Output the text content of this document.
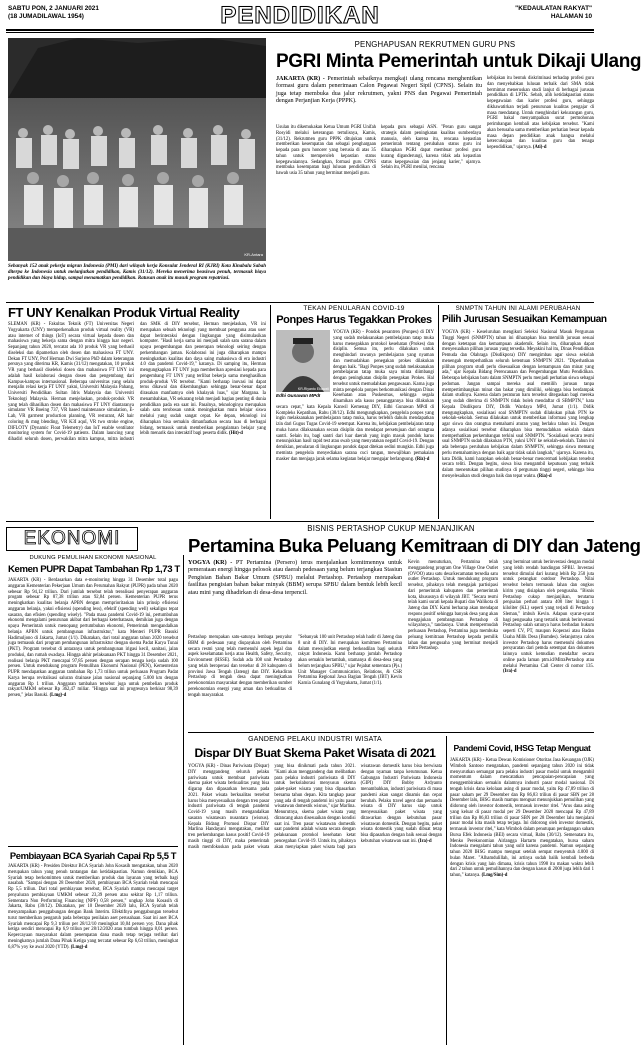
SABTU PON, 2 JANUARI 2021
(18 JUMADILAWAL 1954)	PENDIDIKAN	"KEDAULATAN RAKYAT"
HALAMAN 10
KR-Antara
Sebanyak 152 anak pekerja migran Indonesia (PMI) dari wilayah kerja Konsulat Jenderal RI (KJRI) Kota Kinabalu Sabah diterpa ke Indonesia untuk melanjutkan pendidikan, Kamis (31/12). Mereka menerima beasiswa penuh, termasuk biaya pendidikan dan biaya hidup, sampai menamatkan pendidikan. Ratusan anak itu masuk program repatriasi.
PENGHAPUSAN REKRUTMEN GURU PNS
PGRI Minta Pemerintah untuk Dikaji Ulang
JAKARTA (KR) - Pemerintah sebaiknya mengkaji ulang rencana menghentikan formasi guru dalam penerimaan Calon Pegawai Negeri Sipil (CPNS). Selain itu juga tetap membuka dua jalur rekrutmen, yakni PNS dan Pegawai Pemerintah dengan Perjanjian Kerja (PPPK).
Usulan itu dikemukakan Ketua Umum PGRI Unifah Rosyidi melalui keterangan tertulisnya, Kamis, (31/12). Rekrutmen guru PPPK ditujukan untuk memberikan kesempatan dan sebagai penghargaan kepada para guru honorer yang berusia di atas 35 tahun untuk memperoleh kepastian status kepegawaiannya. Sedangkan, formasi guru CPNS membuka kesempatan bagi lulusan pendidikan di bawah usia 35 tahun yang berminat menjadi guru.
kepada guru sebagai ASN. "Peran guru sangat strategis dalam peningkatan kualitas sumberdaya manusia, oleh karena itu, rencana kepastian pemerintah tentang perubahan status guru ini diharapkan PGRI dapat membuat profesi guru kurang diganderungi, karena tidak ada kepastian status kepegawaian dan jenjang karier," ujarnya. Selain itu, PGRI menilai, rencana
kebijakan itu bentuk diskriminasi terhadap profesi guru dan menyebabkan lulusan terbaik dari SMA tidak bermimat meneruskan studi lanjut di berbagai jurusan pendidikan di LPTK. Sebab, alih ketidakpastian status kepegawaian dan karier profesi guru, sehingga dikhawatirkan terjadi penurunan kualitas pengajar di masa mendatang. Untuk menghindari kekurangan guru, PGRI bakal menyampaikan surat permohonan perimbangan kembali atas kebijakan tersebut. "Kami akan berusaha sama memberikan perhatian besar kepada masa depan pendidikan anak bangsa melalui ketercukupan dan kualitas guru dan tenaga kependidikan," ujarnya. (Ati)-d
FT UNY Kenalkan Produk Virtual Reality
SLEMAN (KR) - Fakultas Teknik (FT) Universitas Negeri Yogyakarta (UNY) memperkenalkan produk virtual reality (VR) atau internet of things (IoT) secara virtual kepada dosen dan mahasiswa yang bekerja sama dengan mitra hingga luar negeri. Sepanjang tahun 2020, tercatat ada 10 produk VR yang berhasil diseleksi dan dipamerkan oleh dosen dan mahasiswa FT UNY. Dekan FT UNY, Prof Herman Dwi Surjono PhD dalam keterangan persnya yang diterima KR, Kamis (31/12) mengatakan, 10 produk VR yang berhasil diseleksi dosen dan mahasiswa FT UNY ini adalah hasil kolaborasi dengan dosen dan pengembang dari Kampus-kampus internasional. Beberapa universitas yang selalu menjalin relasi kerja FT UNY yakni, Universiti Malaysia Pahang, Universiti Pendidikan Sultan Idris Malaysia dan Universiti Teknologi Malaysia. Herman menjelaskan, produk-produk VR yang telah dihasilkan dosen dan mahasiswa FT UNY diantaranya simulator VR Boeing 737, VR based maintenance simulation, E-Lab, VR garment production planning, VR resturant, AR hair coloring & mng blending, VR K3I aquI, VR two stroke engine, DIFLOTY (Dynamic Float Telemetry) dan IoT enable ventilator monitoring system for Covid-19 patients. Dalam launcing yang dihadiri seluruh dosen, perwakilan mitra kampus, mitra industri dan SMK di DIY tersebut, Herman menjelaskan, VR ini merupakan sebuah teknologi yang membuat pengguna atau user dapat berinteraksi dengan lingkungan yang disimulasikan komputer. "Hasil kerja sama ini menjadi salah satu sarana dalam upaya pengembangan dan penerapan teknologi seiring dengan perkembangan jaman. Kolaborasi ini juga diharapkan mampu meningkatkan kualitas dan daya saing mahasiswa di era industri 4.0 dan pandemi Covid-19," katanya. Di samping itu, Herman mengungkapkan FT UNY juga memberikan apresiasi kepada para pengembang FT UNY yang terlibat bekerja sama menghasilkan produk-produk VR tersebut. "Kami berharap inovasi ini dapat terus dikawal dan dikembangkan sehingga benar-benar dapat dirasakan manfaatnya oleh khalayak luas," ujar Margana. Ia menambahkan, VR sekarang telah menjadi bagian penting di dunia pendidikan pada era saat ini. Pasalnya, teknologinya merupakan salah satu terobosan untuk meningkatkan mutu belajar siswa melalui yang sudah sangat cepat. Ke depan, teknologi ini diharapkan bisa semakin dimanfaatkan secara luas di berbagai bidang, termasuk untuk memberikan pengalaman belajar yang lebih menarik dan interaktif bagi peserta didik. (Hit)-d
TEKAN PENULARAN COVID-19
Ponpes Harus Tegakkan Prokes
KR-Riyanto Ekawati
Edhi Gunawan MPdI
YOGYA (KR) - Pondok pesantren (Ponpes) di DIY yang sudah melaksanakan pembelajaran tatap muka harus menegakkan protokol kesehatan (Prokes) dan disiplin. Semua itu, perlu dilakukan untuk menghindari rawanya pembelajaran yang nyaman dan memudahkan penegakan prokes dilakukan dengan baik. "Bagi Ponpes yang sudah melaksanakan pembelajaran tatap muka saya minta diimbangi dengan peningkatan disiplin penegakan Prokes. Hal tersebut untuk memudahkan pengawasan. Karna juga minta pengelola ponpes berkomunikasi dengan Dinas Kesehatan atau Puskesmas, sehingga segala dinamikan ada kasus penanggannya bisa dilakukan secara cepat," kata Kepala Kanwil Kemenag DIY, Edhi Gunawan MPdI di Kompleks Kepatihan, Rabu (30/12). Edhi mengungkapkan, pengelola ponpes yang ingin melaksanakan pembelajaran tatap muka, harus terlebih dahulu mendapatkan izin dari Gugus Tugas Covid-19 setempat. Karena itu, kebijakan pembelajaran tatap muka harus dilaksanakan secara disiplin dan mendapat persetujuan dari orangtua santri. Selain itu, bagi santri dari luar daerah yang ingin masuk pondok harus menunjukkan hasil rapid test atau swab yang menyatakan negatif Covid-19. Dengan demikian, penularan di lingkungan pondok dapat ditekan sedini mungkin. Edhi juga meminta pengelola menyediakan sarana cuci tangan, mewajibkan pemakaian masker dan menjaga jarak selama kegiatan belajar mengajar berlangsung. (Riz)-d
SNMPTN TAHUN INI ALAMI PERUBAHAN
Pilih Jurusan Sesuaikan Kemampuan
YOGYA (KR) - Keseluruhan mengikuti Seleksi Nasional Masuk Perguruan Tinggi Negeri (SNMPTN) tahun ini diharapkan bisa memilih jurusan sesuai dengan ketetapan dan kemampuan akademik. Selain itu, diharapkan dapat menyesuaikan pilihan jurusan yang tersedia. Meyakini hal itu, Dinas Pendidikan Pemuda dan Olahraga (Disdikpora) DIY mengimbau agar siswa sekolah menengah memperhatikan seluruh ketentuan SNMPTN 2021. "Diperhatikan pilihan program studi perlu disesuaikan dengan kemampuan dan minat yang ada," ujar Kepala Bidang Perencanaan dan Pengembangan Mutu Pendidikan. Beberapa kebijakan baru dalam SNMPTN perlu menjadi perhatian siswa sebagai pedoman. Jangan sampai mereka asal memilih jurusan tanpa mempertimbangkan minat dan bakat yang dimiliki, sehingga bisa berdampak dalam studinya. Karena dalam peraturan baru tersebut ditegaskan bagi mereka yang sudah diterima di SNMPTN tidak boleh mendaftar di SBMPTN," kata Kepala Disdikpora DIY, Didik Wardaya MPd, Jumat (1/1). Didik mengungkapkan, sosialisasi soal SNMPTN sudah dilakukan pihak PTN ke sekolah-sekolah. Semua dilakukan untuk memberikan informasi yang lengkap agar siswa dan orangtua memahami aturan yang berlaku tahun ini. Dengan adanya sosialisasi tersebut diharapkan bisa memudahkan sekolah dalam memperhatikan perkembangan terkini soal SNMPTN. "Sosialisasi secara resmi soal SNMPTN sudah dilakukan PTN, yakni UNY ke sekolah-sekolah. Tahun ini ada beberapa perubahan kebijakan dalam SNMPTN, sehingga siswa memang perlu memahaminya dengan baik agar tidak salah langkah," ujarnya. Karena itu, kata Didik, kami harapkan sekolah benar-benar mencermati kebijakan tersebut secara teliti. Dengan begitu, siswa bisa mengambil keputusan yang terbaik dalam menentukan pilihan studinya di perguruan tinggi negeri, sehingga bisa menyelesaikan studi dengan baik dan tepat waktu. (Ria)-d
EKONOMI	BISNIS PERTASHOP CUKUP MENJANJIKAN
Pertamina Buka Peluang Kemitraan di DIY dan Jateng
YOGYA (KR) - PT Pertamina (Persero) terus menjalankan komitmennya untuk pemerataan energi hingga pelosok atau daerah pedesaan yang belum terjangkau Stasiun Pengisian Bahan Bakar Umum (SPBU) melalui Pertashop. Pertashop merupakan fasilitas pengisian bahan bakar minyak (BBM) serupa SPBU dalam bentuk lebih kecil atau mini yang dihadirkan di desa-desa terpencil.
Pertashop merupakan satu-satunya lembaga penyalur BBM di pedesaan yang diupayakan oleh Pertamina secara resmi yang telah memenuhi aspek legal dan aspek keselamatan kerja atau Health, Safety, Security, Environment (HSSE). Sudah ada 108 unit Pertashop yang telah beroperasi dan tersebar di 28 kabupaten di provinsi Jawa Tengah (Jateng) dan DIY. Kehadiran Pertashop di tengah desa dapat meningkatkan perekonomian masyarakat dengan memberikan sumber perekonomian energi yang aman dan berkualitas di tengah masyarakat.
"Sebanyak 100 unit Pertashop telah hadir di Jateng dan 8 unit di DIY. Ini merupakan komitmen Pertamina dalam mewujudkan energi berkeadilan bagi seluruh rakyat Indonesia. Kami berharap jumlah Pertashop akan semakin bertambah, utamanya di desa-desa yang belum terjangkau SPBU," ujar Pejabat sementara (Pjs.) Unit Manager Communication, Relations, & CSR Pertamina Regional Jawa Bagian Tengah (JBT) Kevin Karnia Gunalang di Yogyakarta, Jumat (1/1).
Kevin menuturkan, Pertamina telah menggandeng program One Village One Outlet (OVOO) atau satu desa/kecamatan tersedia satu outlet Pertashop. Untuk mendukung program tersebut, pihaknya telah mengajak partisipasi dari pemerintah kabupaten dan pemerintah kota, khususnya di wilayah JBT. "Secara resmi telah kami surati kepala Bupati dan Walikota di Jateng dan DIY. Kami berharap akan mendapat respons positif sehingga banyak desa yang akan mengajukan pembangunan Pertashop di wilayahnya," tandasnya. Untuk mempermudah perluasan Pertashop, Pertamina juga membuka peluang kemitraan Pertashop kepada pemilik lahan dan pengusaha yang berminat menjadi mitra Pertashop.
yang berminat untuk berinvestasi dengan modal yang lebih rendah bandingan SPBU. Investasi tersebut dimulai dari kurang lebih Rp 250 juta untuk perangkat outdoor Pertashop. Nilai tersebut belum termasuk lahan dan ongkos kirim yang disiapkan oleh pengusaha. "Bisnis Pertashop cukup menjanjikan, terutama penjualan perhari antara 400 liter hingga 1 kiloliter (KL) seperti yang terjadi di Pertashop Sleman," imbuh Kevin. Adapun syarat-syarat bagi pengusaha yang tertarik untuk berinvestasi Pertashop salah satunya harus berbadan hukum seperti CV, PT, maupun Koperasi atau Badan Usaha Milik Desa (Bumdes). Selanjutnya calon investor Pertashop harus memenuhi dokumen persyaratan dari pemda setempat dan dokumen lainnya untuk kemudian mendaftar secara online pada laman ptm.id/MitraPertashop atau melalui Pertamina Call Center di nomor 135. (Ira)-d
DUKUNG PEMULIHAN EKONOMI NASIONAL
Kemen PUPR Dapat Tambahan Rp 1,73 T
JAKARTA (KR) - Berdasarkan data e-monitoring hingga 31 Desember total pagu anggaran Kementerian Pekerjaan Umum dan Perumahan Rakyat (PUPR) pada tahun 2020 sebesar Rp 94,12 triliun. Dari jumlah tersebut telah terealisasi penyerapan anggaran progam sebesar Rp 87,38 triliun atau 92,84 persen. Kementerian PUPR terus meningkatkan kualitas belanja APBN dengan memprioritaskan lain prinsip efisiensi anggaran belanja, yakni efisiensi (spending less), efektif (spending well) sekaligus tepat sasaran, dan efisien (spending wisely). "Pada masa pandemi Covid-19 ini, pertumbuhan ekonomi mengalami penurunan akibat dari berbagai keterbatasan, demikian juga dengan upaya Pemerintah untuk menopang pertumbuhan ekonomi, Pemerintah mengandalkan belanja APBN untuk pembangunan infrastruktur," kata Menteri PUPR Basuki Hadimuljono di Jakarta, Jumat (1/1). Dikatakan, dari total anggaran tahun 2020 tersebut juga termasuk dari program pembangunan infrastruktur dengan skema Padat Karya Tunai (PKT). Program tersebut di antaranya untuk pembangunan irigasi kecil, sanitasi, jalan produksi, dan rumah swadaya. Hingga akhir pelaksanaan PKT hingga 31 Desember 2021, realisasi belanja PKT mencapai 97,85 persen dengan serapan tenaga kerja sudah 100 persen. Untuk mendukung program Pemulihan Ekonomi Nasional (PEN), Kementerian PUPR mendapatkan anggaran tambahan Rp 1,73 triliun untuk perluasan Program Padat Karya berupa revitalisasi saluran drainase jalan nasional sepanjang 5.000 km dengan anggaran Rp 1 triliun. Anggaran tambahan tersebut juga untuk pembelian produk rakyat/UMKM sebesar Rp 362,47 miliar. "Hingga saat ini progresnya berkisar 98,39 persen," jelas Basuki. (Lmg)-d
Pembiayaan BCA Syariah Capai Rp 5,5 T
JAKARTA (KR) - Presiden Direktur BCA Syariah John Kosasih mengatakan, tahun 2020 merupakan tahun yang penuh tantangan dan ketidakpastian. Namun demikian, BCA Syariah tetap berkomitmen untuk memberikan produk dan layanan yang terbaik bagi nasabah. "Sampai dengan 28 Desember 2020, pembiayaan BCA Syariah telah mencapai Rp 5,5 triliun. Dari total pembiayaan tersebut, BCA Syariah mampu mencapai target penyaluran pembiayaan UMKM sebesar 23,39 persen atau sekitar Rp 1,17 triliun. Sementara Non Performing Financing (NPF) 0,58 persen," ungkap John Kosasih di Jakarta, Rabu (30/12). Dikatakan, per 10 Desember 2020 lalu, BCA Syariah telah menyampaikan penggabungan dengan Bank Interim. Efektifnya penggabungan tersebut turut memberikan pengaruh pada beberapa penilaian aset perusahaan. Saat ini aset BCA Syariah mencapai Rp 9,3 triliun per 28/12/10 meningkat 10,04 persen yoy. Dana pihak ketiga sendiri mencapai Rp 6,9 triliun per 28/12/2020 atau tumbuh hingga 8,01 persen. Kepercayaan masyarakat dalam penempatan dana masih tetap terjaga terlihat dari meningkatnya jumlah Dana Pihak Ketiga yang tercatat sebesar Rp 6,63 triliun, meningkat 6,87% yoy ke awal 2020 (YTD). (Lmg)-d
GANDENG PELAKU INDUSTRI WISATA
Dispar DIY Buat Skema Paket Wisata di 2021
YOGYA (KR) - Dinas Pariwisata (Dispar) DIY menggandeng seluruh pelaku pariwisata untuk membuat pariwisata skema paket wisata berkualitas yang bisa digarap dan dipasarkan bersama pada 2021. Paket wisata berkualitas tersebut harus bisa menyesuaikan dengan tren pasar industri pariwisata di tengah pandemi Covid-19 yang masih mengandalkan sasaran wisatawan nusantara (wisnus). Kepala Bidang Promosi Dispar DIY Marlina Handayani mengatakan, melihat tren perkembangan kasus positif Covid-19 masih tinggi di DIY, maka pemerintah masih memfokuskan pada paket wisata yang bisa dinikmati pada tahun 2021. "Kami akan menggandeng dan melibatkan para pelaku industri pariwisata di DIY untuk berkolaborasi menyusun skema paket-paket wisata yang bisa dipasarkan bersama tahun depan. Kita tangkap pasar yang ada di tengah pandemi ini yaitu pasar wisatawan domestik wisnus," ujar Marlina. Menurutnya, skema paket wisata yang dirancang akan disesuaikan dengan kondisi saat ini. Tren pasar wisatawan domestik saat pandemi adalah wisata secara dengan pelaksanaan protokol kesehatan ketat pencegahan Covid-19. Untuk itu, pihaknya akan menyiapkan paket wisata bagi para wisatawan domestik harus bisa berwisata dengan nyaman tanpa kerumunan. Ketua Gabungan Industri Pariwisata Indonesia (GIPI) DIY Bobby Ardyanto menambahkan, industri pariwisata di masa pandemi akan sangat dinamis dan cepat berubah. Pelaku travel agent dan pemandu wisata di DIY harus siap untuk menyesuaikan paket wisata yang ditawarkan dengan kebutuhan pasar wisatawan domestik. Dengan begitu, paket wisata domestik yang sudah dibuat tetap bisa dipasarkan dengan baik sesuai dengan kebutuhan wisatawan saat ini. (Ira)-d
Pandemi Covid, IHSG Tetap Menguat
JAKARTA (KR) - Ketua Dewan Komisioner Otoritas Jasa Keuangan (OJK) Wimboh Santoso mengatakan, pandemi sepanjang tahun 2020 ini tidak menyurutkan semangat para pelaku industri pasar modal untuk mengambil momentum dalam mencatatkan pencapaian-pencapaian yang menggembirakan semakin dalamnya industri pasar modal nasional. Di tengah krisis dana kelolaan asing di pasar modal, yaitu Rp 47,89 triliun di pasar saham per 29 Desember dan Rp 86,83 triliun di pasar SBN per 28 Desember lalu, IHSG masih mampu menguat menunjukkan pemulihan yang didorong oleh investor domestik, termasuk investor ritel. "Arus dana asing yang keluar di pasar modal per 29 Desember 2020 mencapai Rp 47,89 triliun dan Rp 86,83 triliun di pasar SBN per 28 Desember lalu menjalani pasar modal kita masih tetap terjaga. Ini didorong oleh investor domestik, termasuk investor ritel," kata Wimboh dalam penutupan perdagangan saham Bursa Efek Indonesia (BEI) secara virtual, Rabu (30/12). Semenatara itu, Menko Perekonomian Airlangga Hartarto mengatakan, bursa saham Indonesia mengalami tahun yang sulit karena pandemi. Namun sepanjang tahun 2020 IHSG mampu menguat setelah sempat menyentuh 4.000 di bulan Maret. "Alhamdulillah, ini artinya sudah balik kembali berbeda dengan krisis yang lain dimana, krisis tahun 1998 itu makan waktu lebih dari 2 tahun untuk pemulihannya dan dengan kasus di 2008 juga lebih dari 1 tahun," katanya. (Lmg/Sim)-d
